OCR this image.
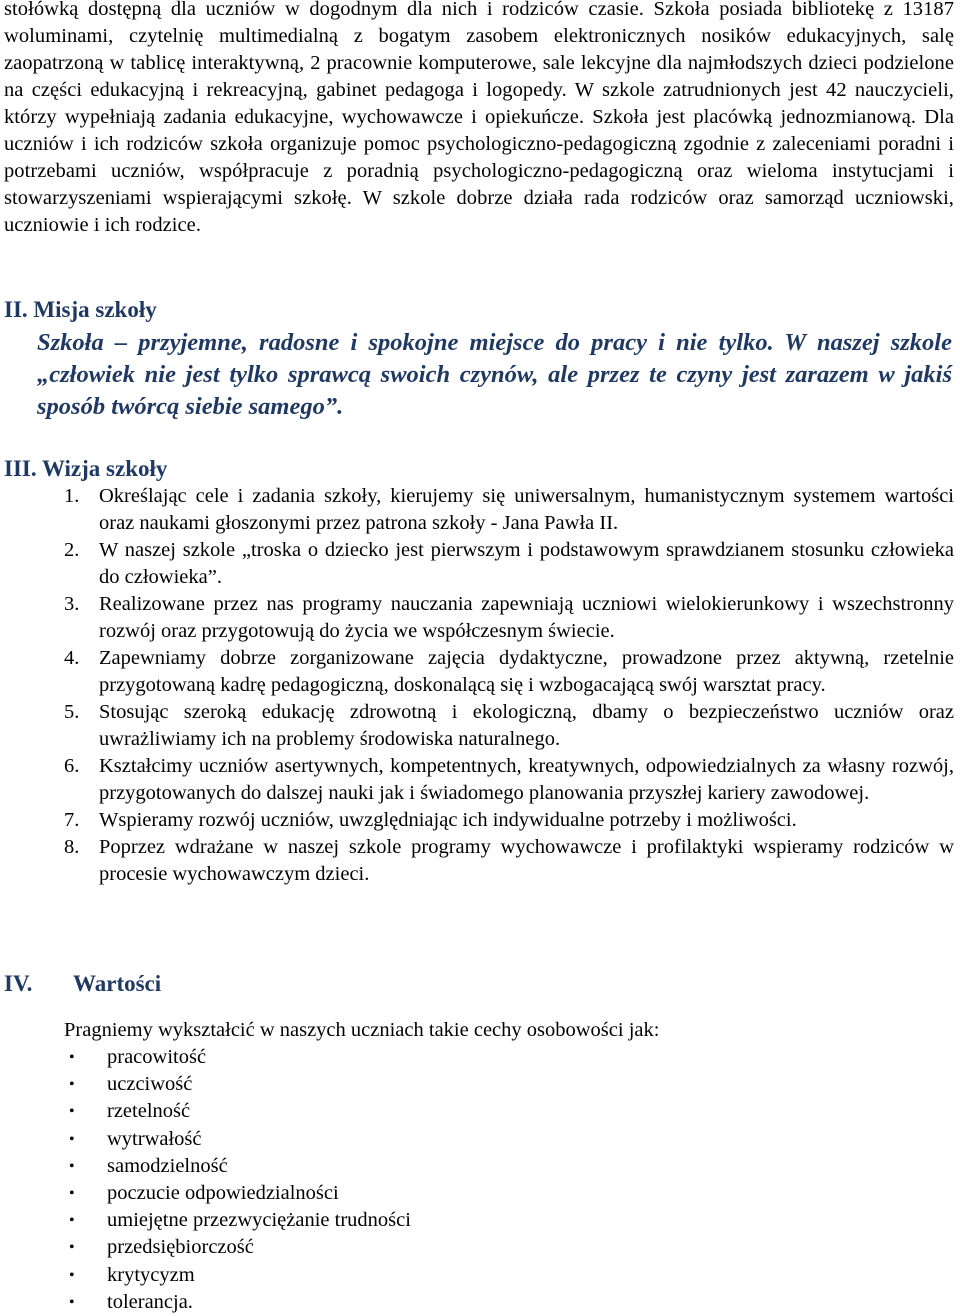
stołówką dostępną dla uczniów w dogodnym dla nich i rodziców czasie. Szkoła posiada bibliotekę z 13187 woluminami, czytelnię multimedialną z bogatym zasobem elektronicznych nosików edukacyjnych, salę zaopatrzoną w tablicę interaktywną, 2 pracownie komputerowe, sale lekcyjne dla najmłodszych dzieci podzielone na części edukacyjną i rekreacyjną, gabinet pedagoga i logopedy. W szkole zatrudnionych jest 42 nauczycieli, którzy wypełniają zadania edukacyjne, wychowawcze i opiekuńcze. Szkoła jest placówką jednozmianową. Dla uczniów i ich rodziców szkoła organizuje pomoc psychologiczno-pedagogiczną zgodnie z zaleceniami poradni i potrzebami uczniów, współpracuje z poradnią psychologiczno-pedagogiczną oraz wieloma instytucjami i stowarzyszeniami wspierającymi szkołę. W szkole dobrze działa rada rodziców oraz samorząd uczniowski, uczniowie i ich rodzice.

II. Misja szkoły

Szkoła – przyjemne, radosne i spokojne miejsce do pracy i nie tylko. W naszej szkole „człowiek nie jest tylko sprawcą swoich czynów, ale przez te czyny jest zarazem w jakiś sposób twórcą siebie samego”.

III. Wizja szkoły
1. Określając cele i zadania szkoły, kierujemy się uniwersalnym, humanistycznym systemem wartości oraz naukami głoszonymi przez patrona szkoły - Jana Pawła II.
2. W naszej szkole „troska o dziecko jest pierwszym i podstawowym sprawdzianem stosunku człowieka do człowieka”.
3. Realizowane przez nas programy nauczania zapewniają uczniowi wielokierunkowy i wszechstronny rozwój oraz przygotowują do życia we współczesnym świecie.
4. Zapewniamy dobrze zorganizowane zajęcia dydaktyczne, prowadzone przez aktywną, rzetelnie przygotowaną kadrę pedagogiczną, doskonalącą się i wzbogacającą swój warsztat pracy.
5. Stosując szeroką edukację zdrowotną i ekologiczną, dbamy o bezpieczeństwo uczniów oraz uwrażliwiamy ich na problemy środowiska naturalnego.
6. Kształcimy uczniów asertywnych, kompetentnych, kreatywnych, odpowiedzialnych za własny rozwój, przygotowanych do dalszej nauki jak i świadomego planowania przyszłej kariery zawodowej.
7. Wspieramy rozwój uczniów, uwzględniając ich indywidualne potrzeby i możliwości.
8. Poprzez wdrażane w naszej szkole programy wychowawcze i profilaktyki wspieramy rodziców w procesie wychowawczym dzieci.
IV. Wartości

Pragniemy wykształcić w naszych uczniach takie cechy osobowości jak:

• pracowitość
• uczciwość
• rzetelność
• wytrwałość
• samodzielność
• poczucie odpowiedzialności
• umiejętne przezwyciężanie trudności
• przedsiębiorczość
• krytycyzm
• tolerancja.
